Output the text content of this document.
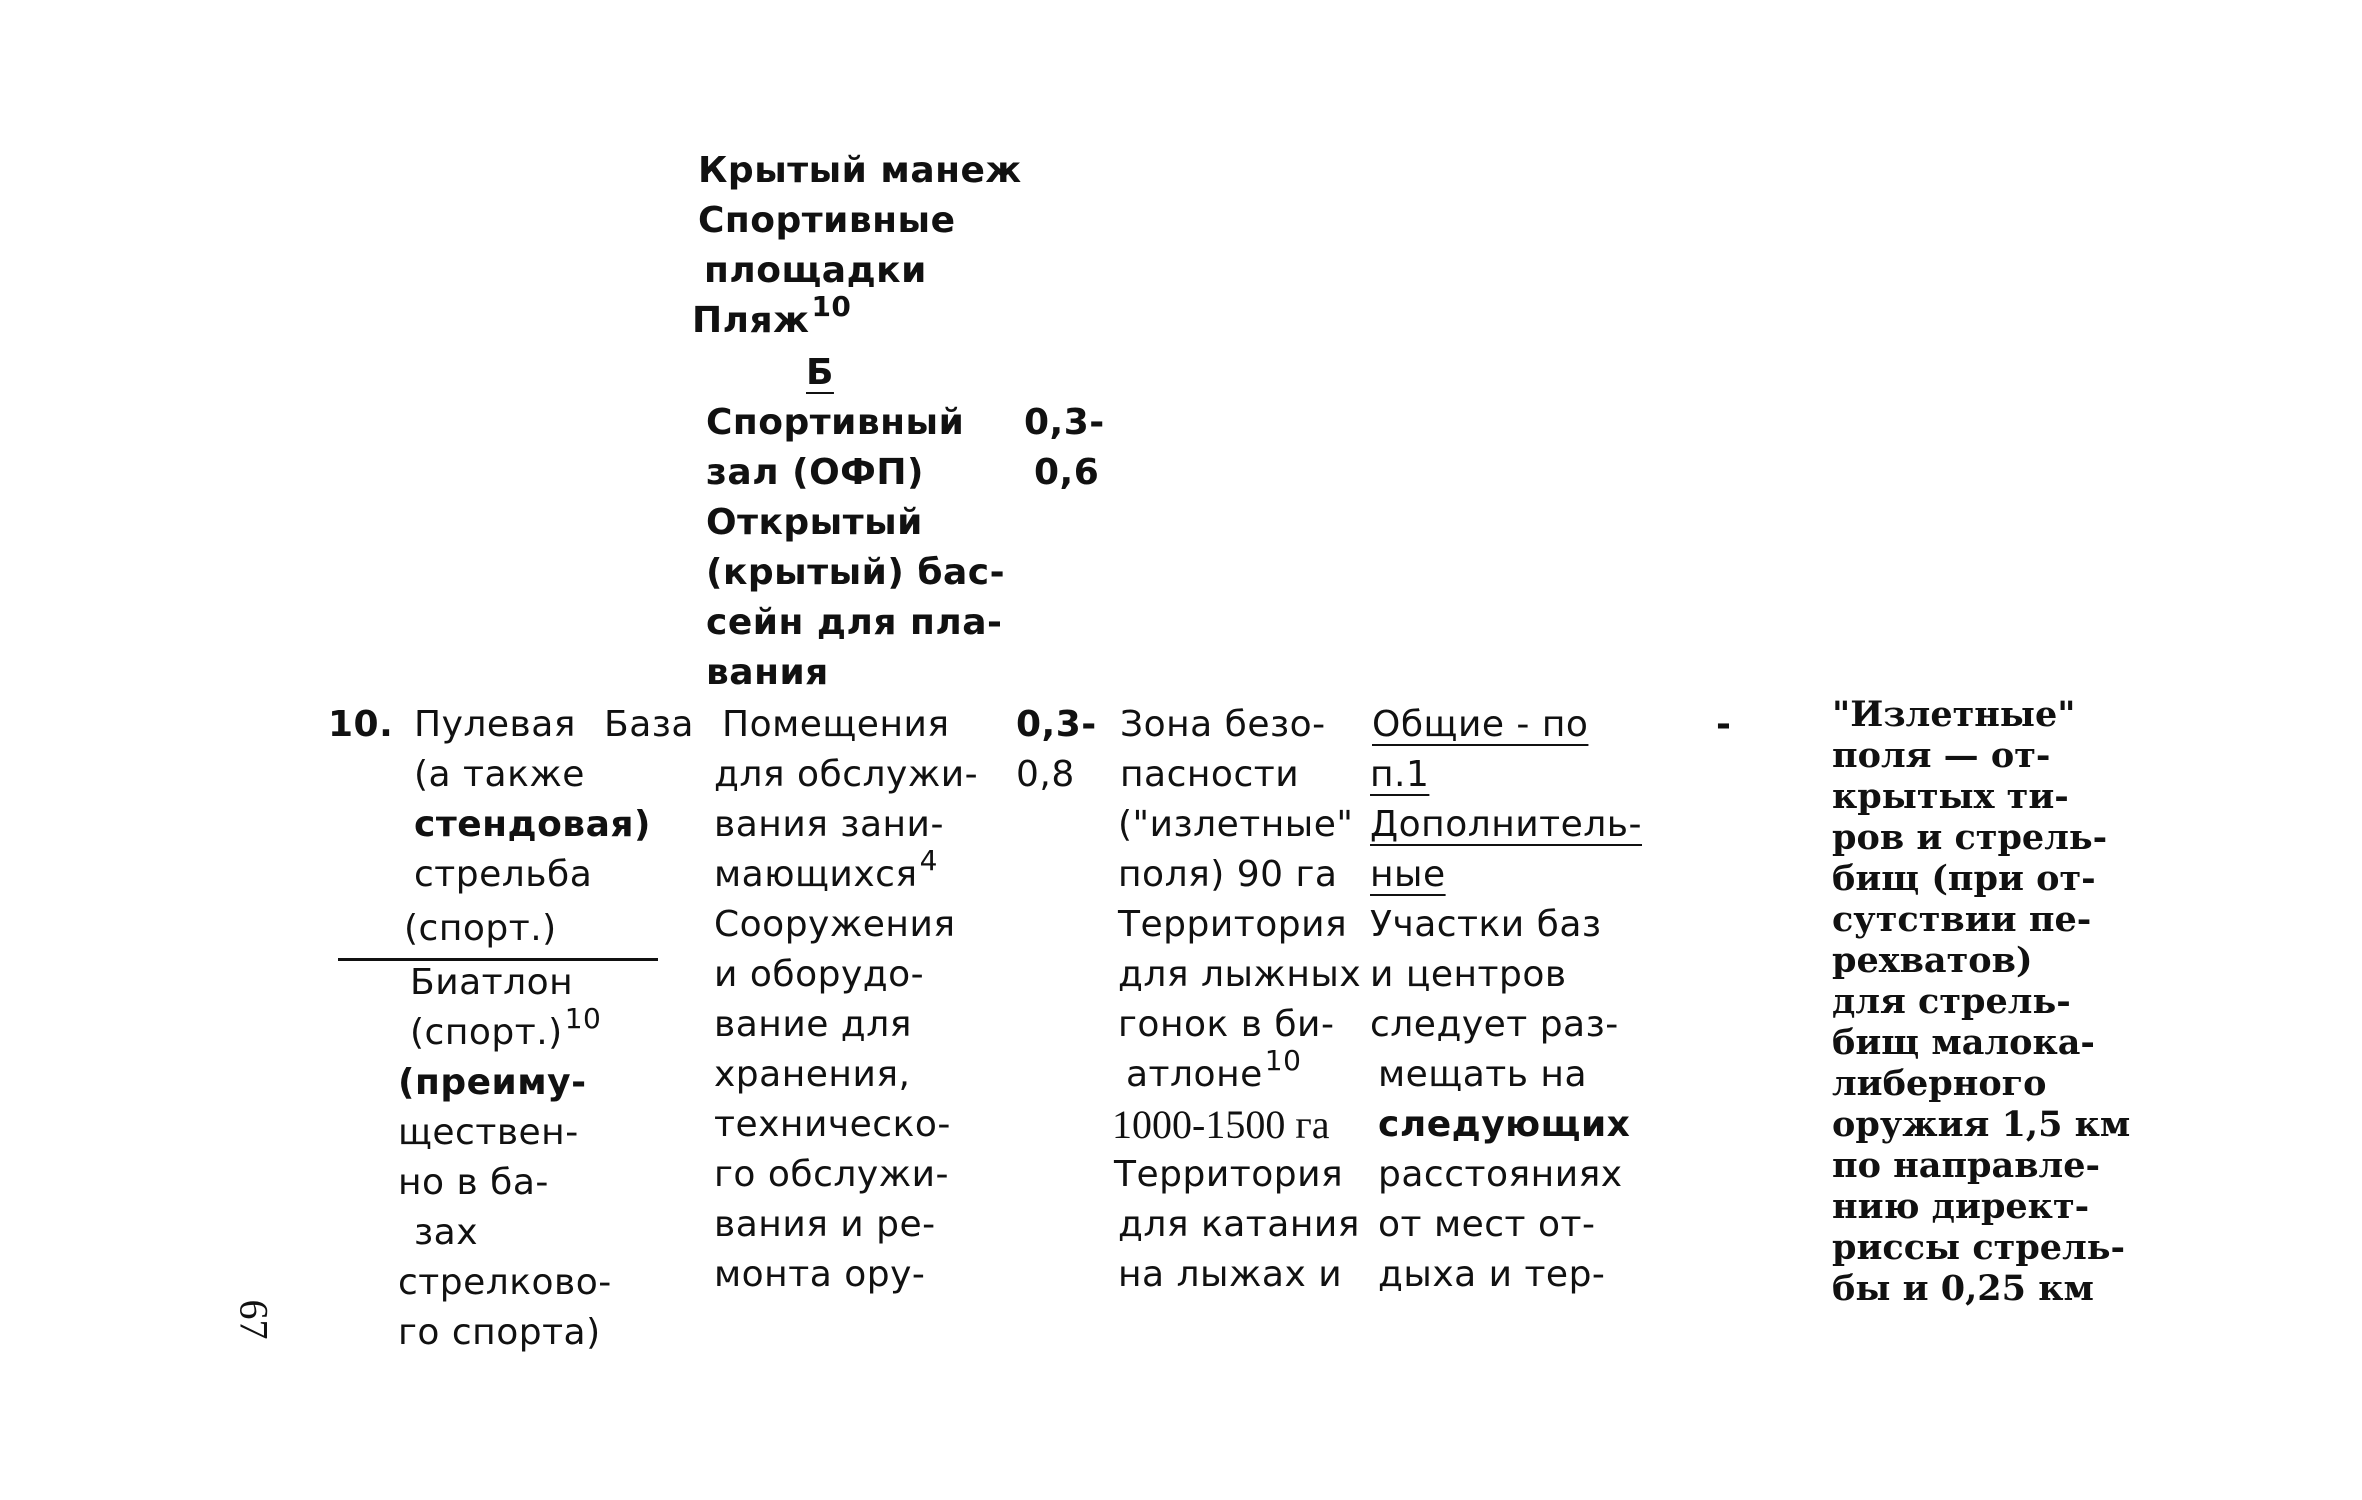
Крытый манеж
Спортивные
площадки
Пляж$^{10}$
Б
Спортивный
зал (ОФП)
0,3-
0,6
Открытый
(крытый) бас-
сейн для пла-
вания
10. Пулевая
(а также
стендовая)
стрельба
(спорт.)
Биатлон
(спорт.)$^{10}$
(преиму-
ществен-
но в ба-
зах
стрелково-
го спорта)
База Помещения
для обслужи-
вания зани-
мающихся$^4$
Сооружения
и оборудо-
вание для
хранения,
техническо-
го обслужи-
вания и ре-
монта ору-
0,3-
0,8
Зона безо-
пасности
("излетные"
поля) 90 га
Территория
для лыжных
гонок в би-
атлоне$^{10}$
1000-1500 га
Территория
для катания
на лыжах и
Общие - по
п.1
Дополнитель-
ные
Участки баз
и центров
следует раз-
мещать на
следующих
расстояниях
от мест от-
дыха и тер-
-	"Излетные"
поля — от-
крытых ти-
ров и стрель-
бищ (при от-
сутствии пе-
рехватов)
для стрель-
бищ малока-
либерного
оружия 1,5 км
по направле-
нию директ-
риссы стрель-
бы и 0,25 км
67
